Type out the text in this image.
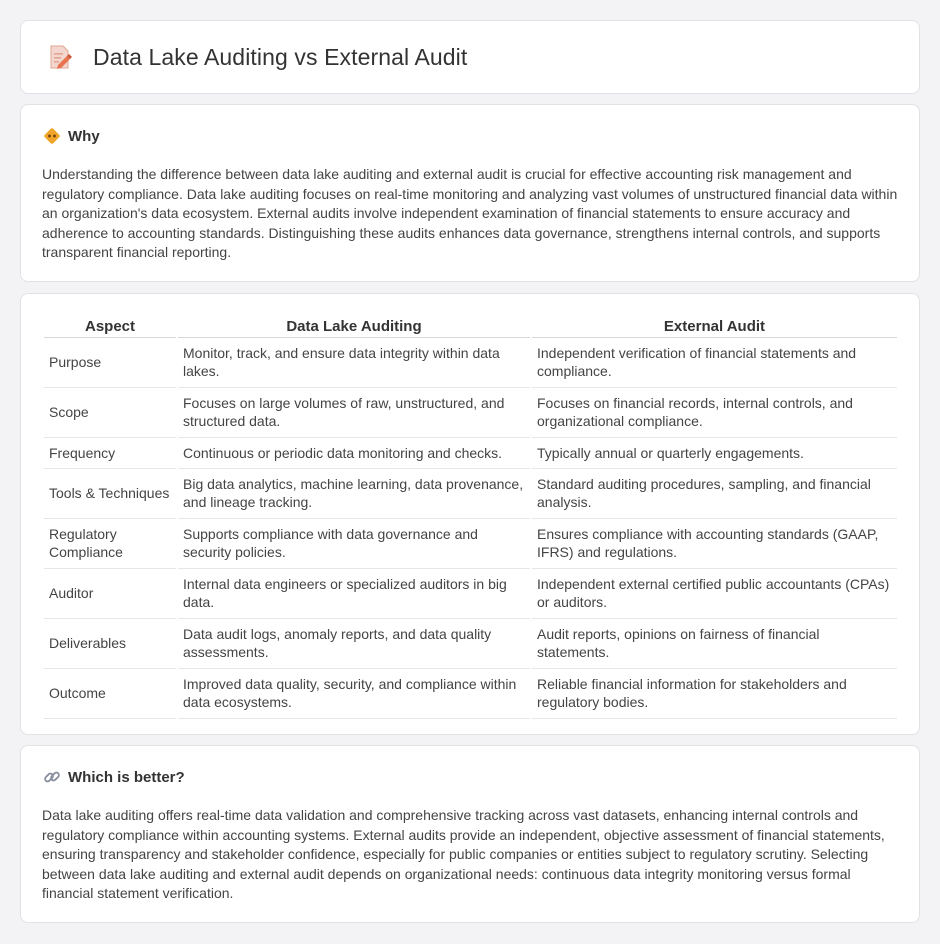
Data Lake Auditing vs External Audit
Why

Understanding the difference between data lake auditing and external audit is crucial for effective accounting risk management and regulatory compliance. Data lake auditing focuses on real-time monitoring and analyzing vast volumes of unstructured financial data within an organization's data ecosystem. External audits involve independent examination of financial statements to ensure accuracy and adherence to accounting standards. Distinguishing these audits enhances data governance, strengthens internal controls, and supports transparent financial reporting.

Aspect	Data Lake Auditing	External Audit
Purpose	Monitor, track, and ensure data integrity within data lakes.	Independent verification of financial statements and compliance.
Scope	Focuses on large volumes of raw, unstructured, and structured data.	Focuses on financial records, internal controls, and organizational compliance.
Frequency	Continuous or periodic data monitoring and checks.	Typically annual or quarterly engagements.
Tools & Techniques	Big data analytics, machine learning, data provenance, and lineage tracking.	Standard auditing procedures, sampling, and financial analysis.
Regulatory Compliance	Supports compliance with data governance and security policies.	Ensures compliance with accounting standards (GAAP, IFRS) and regulations.
Auditor	Internal data engineers or specialized auditors in big data.	Independent external certified public accountants (CPAs) or auditors.
Deliverables	Data audit logs, anomaly reports, and data quality assessments.	Audit reports, opinions on fairness of financial statements.
Outcome	Improved data quality, security, and compliance within data ecosystems.	Reliable financial information for stakeholders and regulatory bodies.
Which is better?

Data lake auditing offers real-time data validation and comprehensive tracking across vast datasets, enhancing internal controls and regulatory compliance within accounting systems. External audits provide an independent, objective assessment of financial statements, ensuring transparency and stakeholder confidence, especially for public companies or entities subject to regulatory scrutiny. Selecting between data lake auditing and external audit depends on organizational needs: continuous data integrity monitoring versus formal financial statement verification.
